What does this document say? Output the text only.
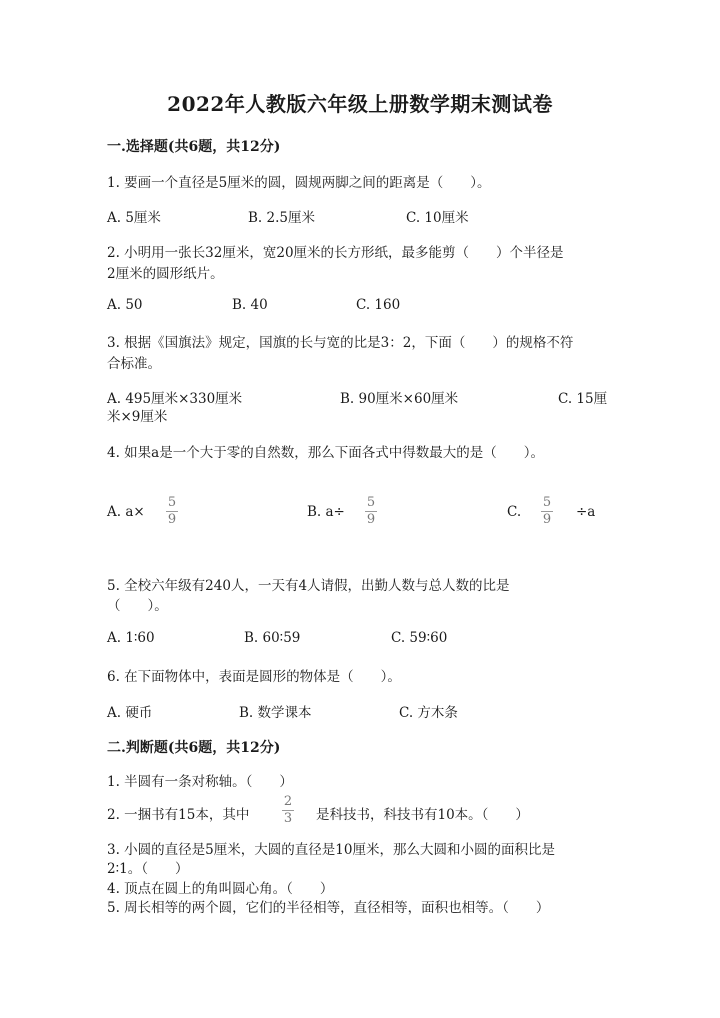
2022年人教版六年级上册数学期末测试卷
一.选择题(共6题，共12分)
1. 要画一个直径是5厘米的圆，圆规两脚之间的距离是（　　）。
A. 5厘米	B. 2.5厘米	C. 10厘米
2. 小明用一张长32厘米，宽20厘米的长方形纸，最多能剪（　　）个半径是
2厘米的圆形纸片。
A. 50	B. 40	C. 160
3. 根据《国旗法》规定，国旗的长与宽的比是3：2，下面（　　）的规格不符
合标准。
A. 495厘米×330厘米	B. 90厘米×60厘米	C. 15厘
米×9厘米
4. 如果a是一个大于零的自然数，那么下面各式中得数最大的是（　　）。
A. a×
5
9	B. a÷
5
9	C.
5
9 ÷a
5. 全校六年级有240人，一天有4人请假，出勤人数与总人数的比是
（　　）。
A. 1∶60	B. 60∶59	C. 59∶60
6. 在下面物体中，表面是圆形的物体是（　　）。
A. 硬币	B. 数学课本	C. 方木条
二.判断题(共6题，共12分)
1. 半圆有一条对称轴。（　　）
2. 一捆书有15本，其中
2
3 是科技书，科技书有10本。（　　）
3. 小圆的直径是5厘米，大圆的直径是10厘米，那么大圆和小圆的面积比是
2∶1。（　　）
4. 顶点在圆上的角叫圆心角。（　　）
5. 周长相等的两个圆，它们的半径相等，直径相等，面积也相等。（　　）
